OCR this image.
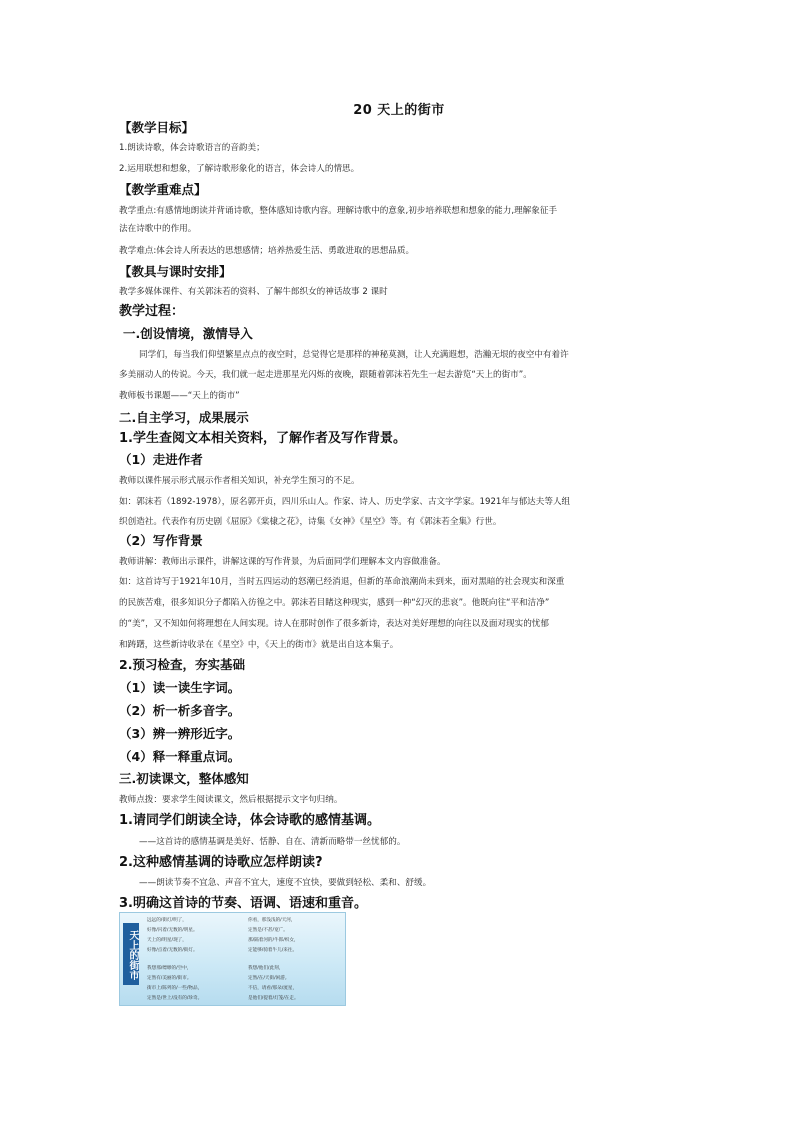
20 天上的街市
【教学目标】
1.朗读诗歌，体会诗歌语言的音韵美；
2.运用联想和想象，了解诗歌形象化的语言，体会诗人的情思。
【教学重难点】
教学重点:有感情地朗读并背诵诗歌，整体感知诗歌内容。理解诗歌中的意象,初步培养联想和想象的能力,理解象征手
法在诗歌中的作用。
教学难点:体会诗人所表达的思想感情；培养热爱生活、勇敢进取的思想品质。
【教具与课时安排】
教学多媒体课件、有关郭沫若的资料、了解牛郎织女的神话故事 2 课时
教学过程：
一.创设情境，激情导入
同学们，每当我们仰望繁星点点的夜空时，总觉得它是那样的神秘莫测，让人充满遐想，浩瀚无垠的夜空中有着许
多美丽动人的传说。今天，我们就一起走进那星光闪烁的夜晚，跟随着郭沫若先生一起去游览“天上的街市”。
教师板书课题——“天上的街市”
二.自主学习，成果展示
1.学生查阅文本相关资料，了解作者及写作背景。
（1）走进作者
教师以课件展示形式展示作者相关知识，补充学生预习的不足。
如：郭沫若（1892-1978），原名郭开贞，四川乐山人。作家、诗人、历史学家、古文字学家。1921年与郁达夫等人组
织创造社。代表作有历史剧《屈原》《棠棣之花》，诗集《女神》《星空》等。有《郭沫若全集》行世。
（2）写作背景
教师讲解：教师出示课件，讲解这课的写作背景，为后面同学们理解本文内容做准备。
如：这首诗写于1921年10月，当时五四运动的怒潮已经消退，但新的革命浪潮尚未到来，面对黑暗的社会现实和深重
的民族苦难，很多知识分子都陷入彷徨之中。郭沫若目睹这种现实，感到一种“幻灭的悲哀”。他既向往“平和洁净”
的“美”，又不知如何将理想在人间实现。诗人在那时创作了很多新诗，表达对美好理想的向往以及面对现实的忧郁
和踌躇，这些新诗收录在《星空》中，《天上的街市》就是出自这本集子。
2.预习检查，夯实基础
（1）读一读生字词。
（2）析一析多音字。
（3）辨一辨形近字。
（4）释一释重点词。
三.初读课文，整体感知
教师点拨：要求学生阅读课文，然后根据提示文字句归纳。
1.请同学们朗读全诗，体会诗歌的感情基调。
——这首诗的感情基调是美好、恬静、自在、清新而略带一丝忧郁的。
2.这种感情基调的诗歌应怎样朗读?
——朗读节奏不宜急、声音不宜大，速度不宜快，要做到轻松、柔和、舒缓。
3.明确这首诗的节奏、语调、语速和重音。
天上的街市
远远的/街灯/明了，
好像/闪着/无数的/明星。
天上的/明星/现了，
好像/点着/无数的/街灯。
我想那/缥缈的/空中，
定然有/美丽的/街市。
街市上/陈列的/一些/物品，
定然是/世上/没有的/珍奇。
你看，那浅浅的/天河，
定然是/不甚/宽广。
那/隔着河的/牛郎/织女，
定能够/骑着牛儿/来往。
我想/他们/此刻，
定然/在/天街/闲游。
不信，请看/那朵/流星，
是他们/提着/灯笼/在走。
